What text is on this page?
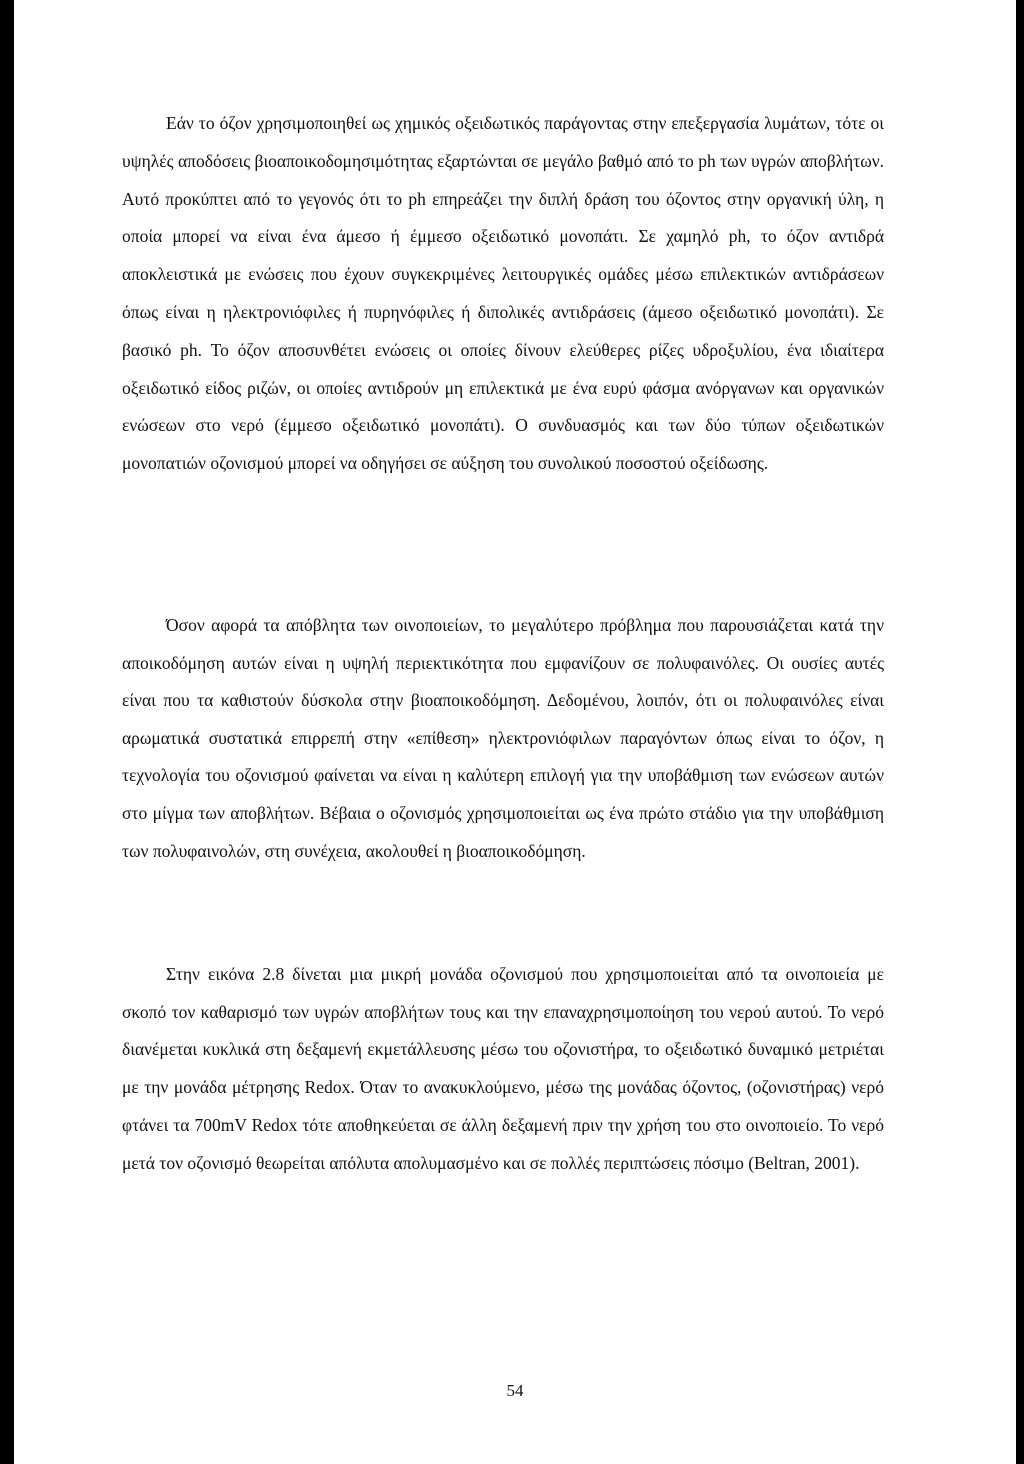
Εάν το όζον χρησιμοποιηθεί ως χημικός οξειδωτικός παράγοντας στην επεξεργασία λυμάτων, τότε οι υψηλές αποδόσεις βιοαποικοδομησιμότητας εξαρτώνται σε μεγάλο βαθμό από το ph των υγρών αποβλήτων. Αυτό προκύπτει από το γεγονός ότι το ph επηρεάζει την διπλή δράση του όζοντος στην οργανική ύλη, η οποία μπορεί να είναι ένα άμεσο ή έμμεσο οξειδωτικό μονοπάτι. Σε χαμηλό ph, το όζον αντιδρά αποκλειστικά με ενώσεις που έχουν συγκεκριμένες λειτουργικές ομάδες μέσω επιλεκτικών αντιδράσεων όπως είναι η ηλεκτρονιόφιλες ή πυρηνόφιλες ή διπολικές αντιδράσεις (άμεσο οξειδωτικό μονοπάτι). Σε βασικό ph. Το όζον αποσυνθέτει ενώσεις οι οποίες δίνουν ελεύθερες ρίζες υδροξυλίου, ένα ιδιαίτερα οξειδωτικό είδος ριζών, οι οποίες αντιδρούν μη επιλεκτικά με ένα ευρύ φάσμα ανόργανων και οργανικών ενώσεων στο νερό (έμμεσο οξειδωτικό μονοπάτι). Ο συνδυασμός και των δύο τύπων οξειδωτικών μονοπατιών οζονισμού μπορεί να οδηγήσει σε αύξηση του συνολικού ποσοστού οξείδωσης.

Όσον αφορά τα απόβλητα των οινοποιείων, το μεγαλύτερο πρόβλημα που παρουσιάζεται κατά την αποικοδόμηση αυτών είναι η υψηλή περιεκτικότητα που εμφανίζουν σε πολυφαινόλες. Οι ουσίες αυτές είναι που τα καθιστούν δύσκολα στην βιοαποικοδόμηση. Δεδομένου, λοιπόν, ότι οι πολυφαινόλες είναι αρωματικά συστατικά επιρρεπή στην «επίθεση» ηλεκτρονιόφιλων παραγόντων όπως είναι το όζον, η τεχνολογία του οζονισμού φαίνεται να είναι η καλύτερη επιλογή για την υποβάθμιση των ενώσεων αυτών στο μίγμα των αποβλήτων. Βέβαια ο οζονισμός χρησιμοποιείται ως ένα πρώτο στάδιο για την υποβάθμιση των πολυφαινολών, στη συνέχεια, ακολουθεί η βιοαποικοδόμηση.

Στην εικόνα 2.8 δίνεται μια μικρή μονάδα οζονισμού που χρησιμοποιείται από τα οινοποιεία με σκοπό τον καθαρισμό των υγρών αποβλήτων τους και την επαναχρησιμοποίηση του νερού αυτού. Το νερό διανέμεται κυκλικά στη δεξαμενή εκμετάλλευσης μέσω του οζονιστήρα, το οξειδωτικό δυναμικό μετριέται με την μονάδα μέτρησης Redox. Όταν το ανακυκλούμενο, μέσω της μονάδας όζοντος, (οζονιστήρας) νερό φτάνει τα 700mV Redox τότε αποθηκεύεται σε άλλη δεξαμενή πριν την χρήση του στο οινοποιείο. Το νερό μετά τον οζονισμό θεωρείται απόλυτα απολυμασμένο και σε πολλές περιπτώσεις πόσιμο (Beltran, 2001).

54
